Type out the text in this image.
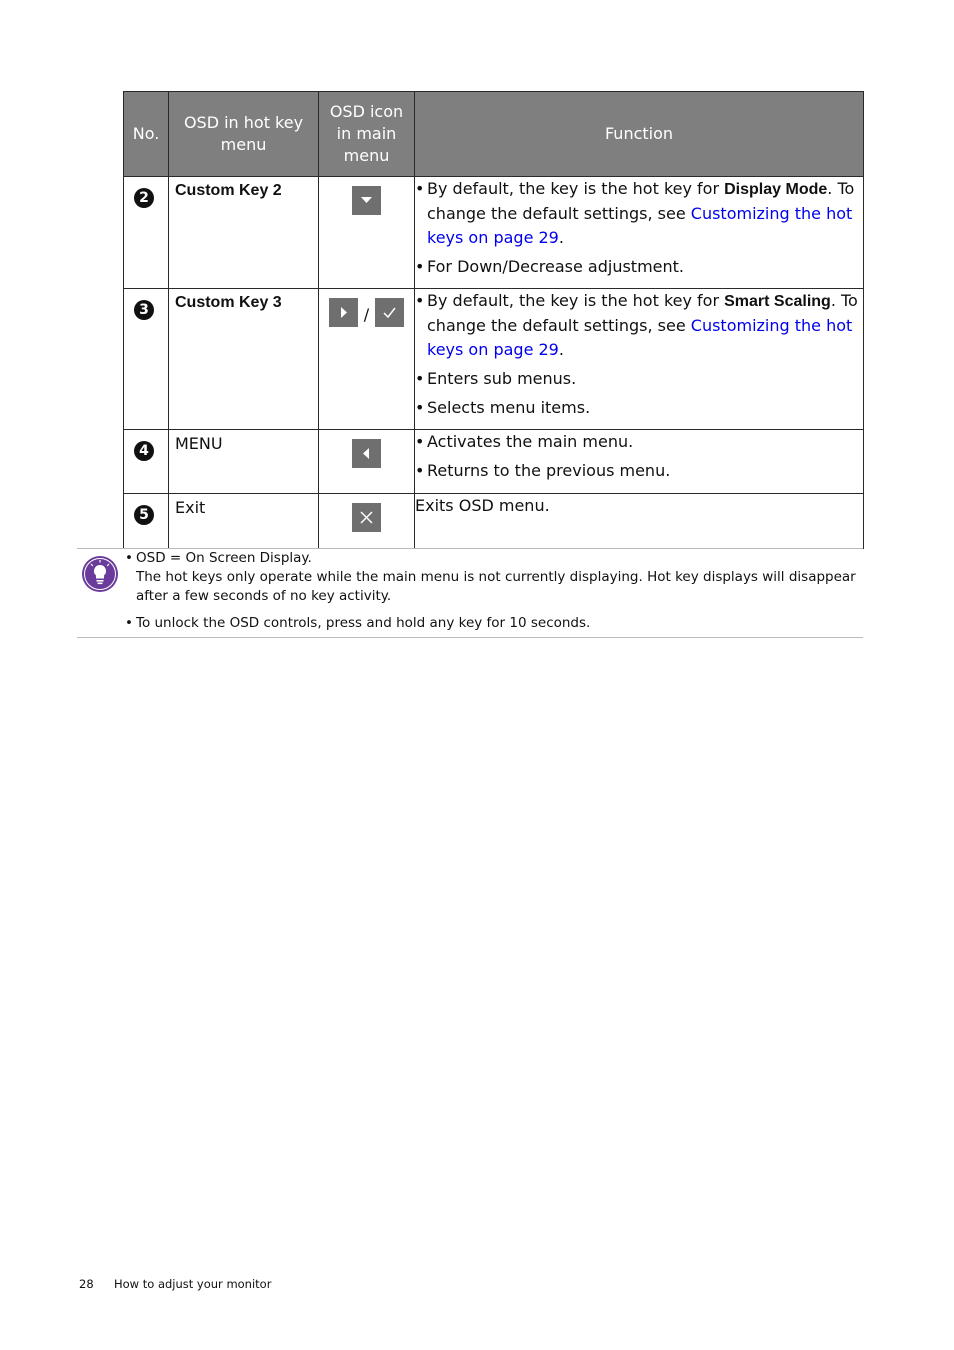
No.	OSD in hot key menu	OSD icon in main menu	Function

2	Custom Key 2		• By default, the key is the hot key for Display Mode. To change the default settings, see Customizing the hot keys on page 29.
• For Down/Decrease adjustment.

3	Custom Key 3	/	• By default, the key is the hot key for Smart Scaling. To change the default settings, see Customizing the hot keys on page 29.
• Enters sub menus.
• Selects menu items.

4	MENU		• Activates the main menu.
• Returns to the previous menu.

5	Exit		Exits OSD menu.
• OSD = On Screen Display.
The hot keys only operate while the main menu is not currently displaying. Hot key displays will disappear after a few seconds of no key activity.
• To unlock the OSD controls, press and hold any key for 10 seconds.
28 How to adjust your monitor
